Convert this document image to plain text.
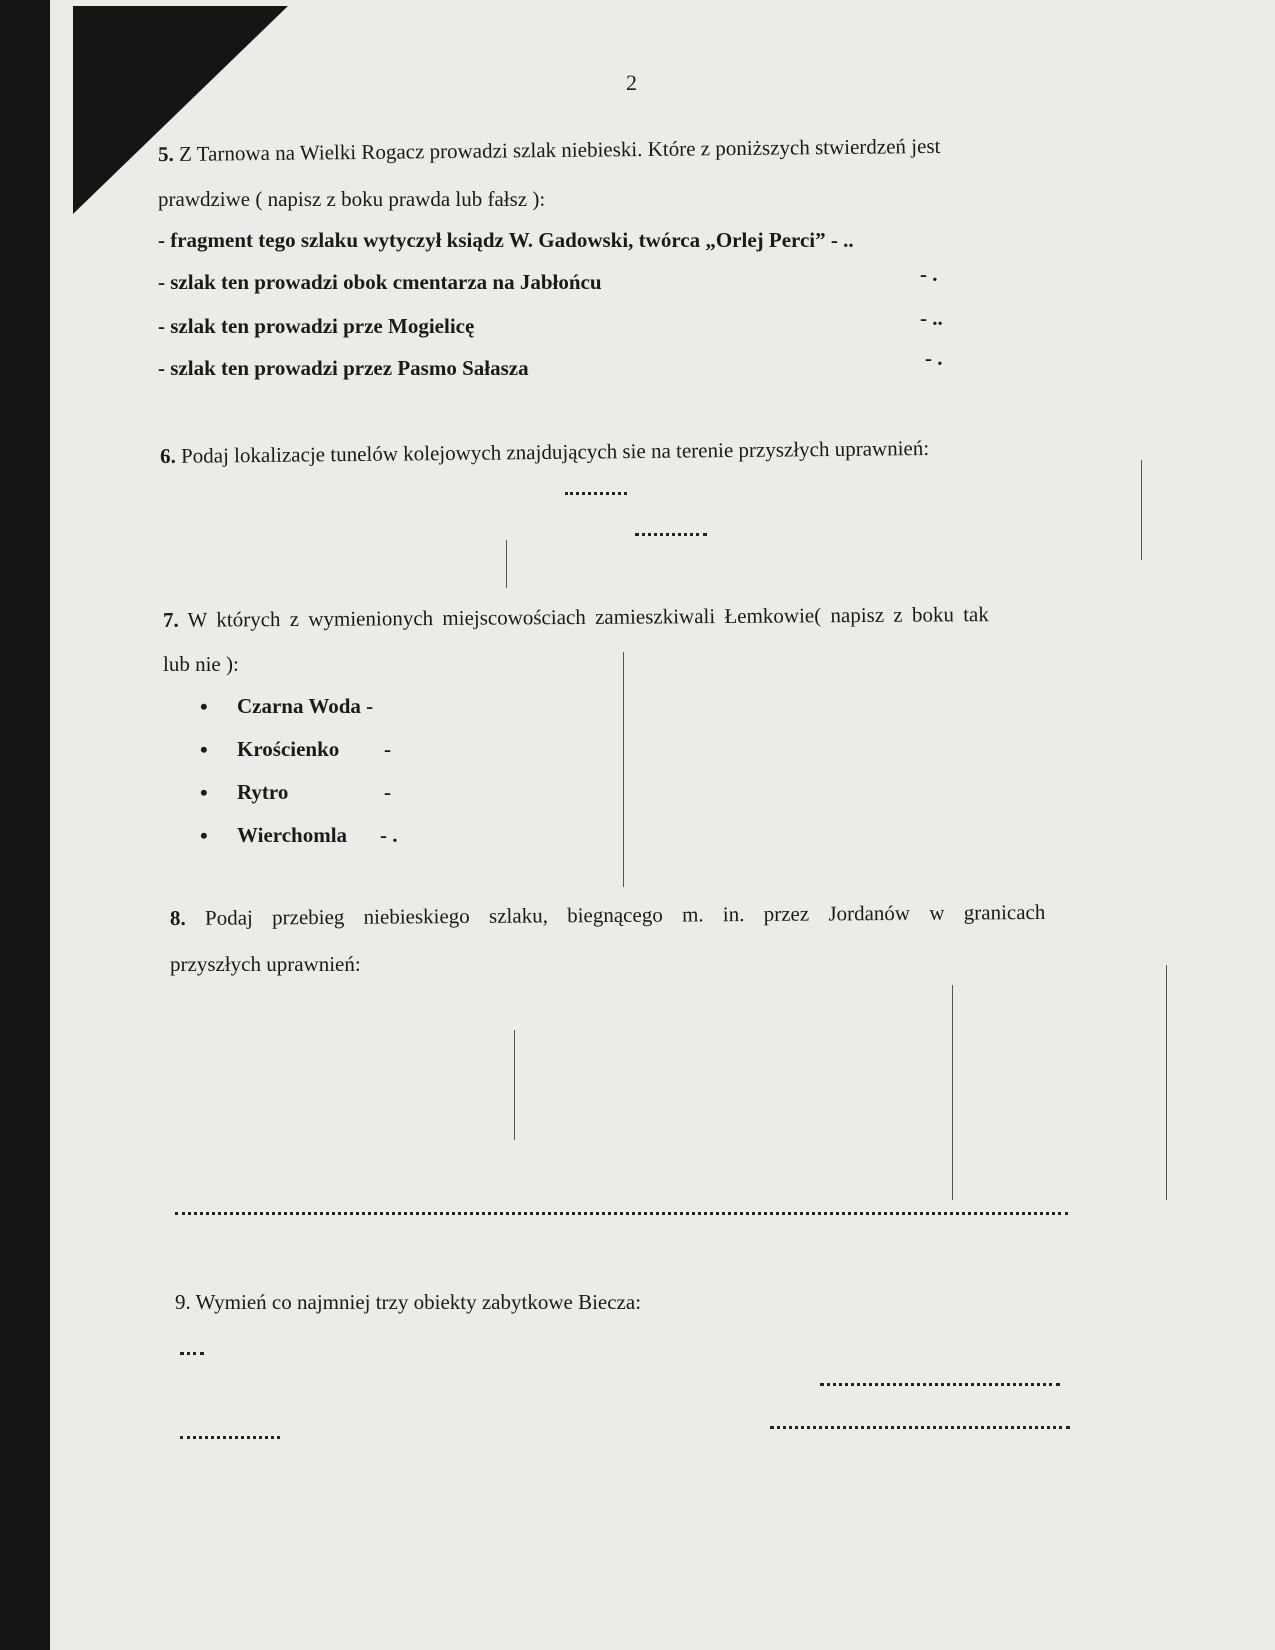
2
5. Z Tarnowa na Wielki Rogacz prowadzi szlak niebieski. Które z poniższych stwierdzeń jest
prawdziwe ( napisz z boku prawda lub fałsz ):
- fragment tego szlaku wytyczył ksiądz W. Gadowski, twórca „Orlej Perci” - ..
- szlak ten prowadzi obok cmentarza na Jabłońcu	- .
- szlak ten prowadzi prze Mogielicę	- ..
- szlak ten prowadzi przez Pasmo Sałasza	- .
6. Podaj lokalizacje tunelów kolejowych znajdujących sie na terenie przyszłych uprawnień:
7. W których z wymienionych miejscowościach zamieszkiwali Łemkowie( napisz z boku tak
lub nie ):
• Czarna Woda -
• Krościenko -
• Rytro	-
• Wierchomla - .
8. Podaj przebieg niebieskiego szlaku, biegnącego m. in. przez Jordanów w granicach
przyszłych uprawnień:
9. Wymień co najmniej trzy obiekty zabytkowe Biecza:
